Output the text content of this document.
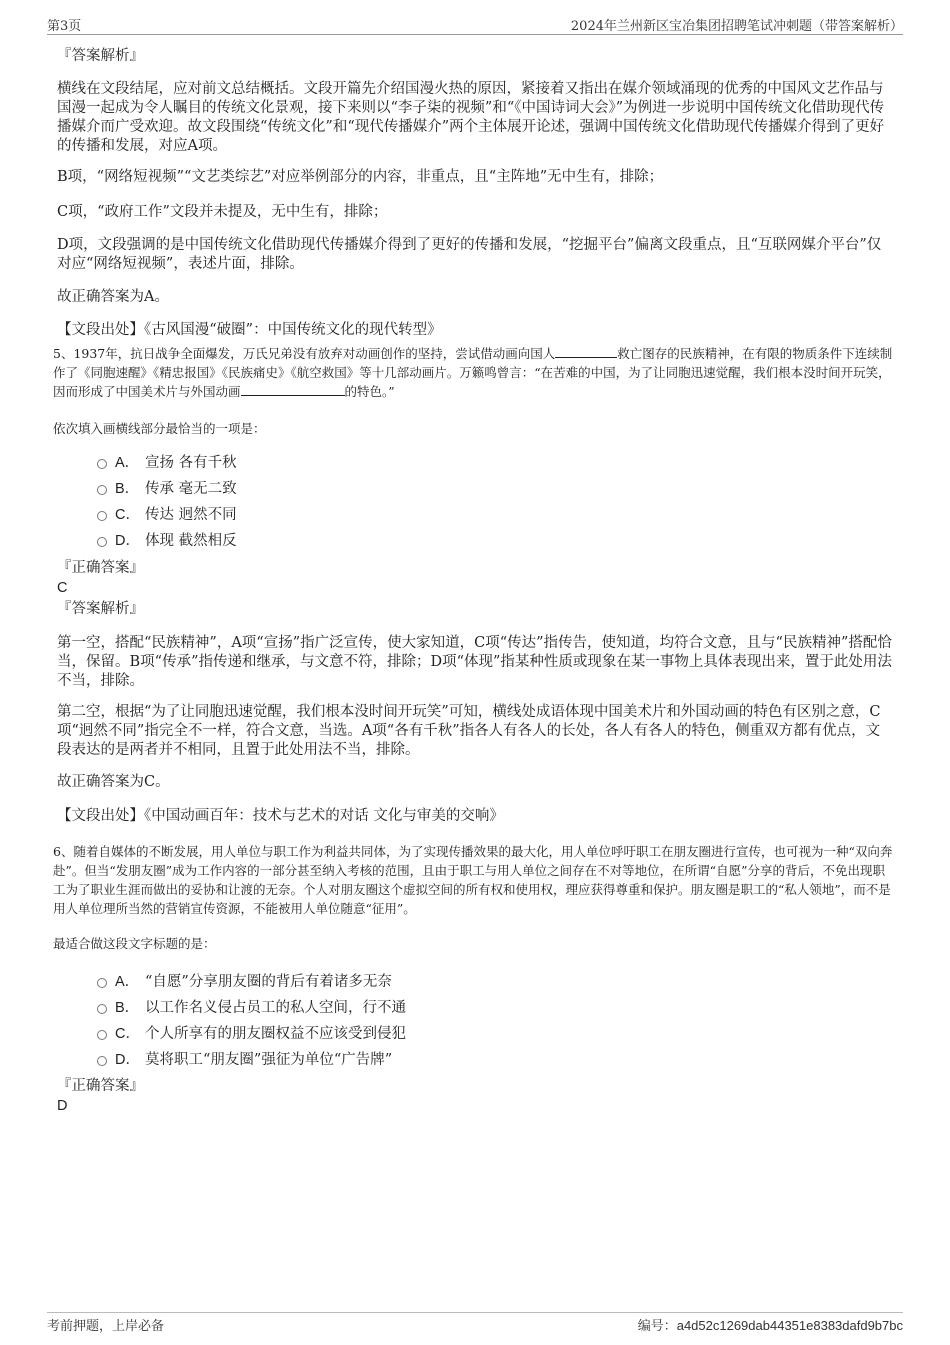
第3页	2024年兰州新区宝冶集团招聘笔试冲刺题（带答案解析）

『答案解析』

横线在文段结尾，应对前文总结概括。文段开篇先介绍国漫火热的原因，紧接着又指出在媒介领域涌现的优秀的中国风文艺作品与国漫一起成为令人瞩目的传统文化景观，接下来则以“李子柒的视频”和“《中国诗词大会》”为例进一步说明中国传统文化借助现代传播媒介而广受欢迎。故文段围绕“传统文化”和“现代传播媒介”两个主体展开论述，强调中国传统文化借助现代传播媒介得到了更好的传播和发展，对应A项。

B项，“网络短视频”“文艺类综艺”对应举例部分的内容，非重点，且“主阵地”无中生有，排除；

C项，“政府工作”文段并未提及，无中生有，排除；

D项，文段强调的是中国传统文化借助现代传播媒介得到了更好的传播和发展，“挖掘平台”偏离文段重点，且“互联网媒介平台”仅对应“网络短视频”，表述片面，排除。

故正确答案为A。

【文段出处】《古风国漫“破圈”：中国传统文化的现代转型》

5、1937年，抗日战争全面爆发，万氏兄弟没有放弃对动画创作的坚持，尝试借动画向国人	救亡图存的民族精神，在有限的物质条件下连续制作了《同胞速醒》《精忠报国》《民族痛史》《航空救国》等十几部动画片。万籁鸣曾言：“在苦难的中国，为了让同胞迅速觉醒，我们根本没时间开玩笑，因而形成了中国美术片与外国动画	的特色。”

依次填入画横线部分最恰当的一项是：

A． 宣扬 各有千秋
B． 传承 毫无二致
C． 传达 迥然不同
D． 体现 截然相反

『正确答案』

C

『答案解析』

第一空，搭配“民族精神”，A项“宣扬”指广泛宣传，使大家知道，C项“传达”指传告，使知道，均符合文意，且与“民族精神”搭配恰当，保留。B项“传承”指传递和继承，与文意不符，排除；D项“体现”指某种性质或现象在某一事物上具体表现出来，置于此处用法不当，排除。

第二空，根据“为了让同胞迅速觉醒，我们根本没时间开玩笑”可知，横线处成语体现中国美术片和外国动画的特色有区别之意，C项“迥然不同”指完全不一样，符合文意，当选。A项“各有千秋”指各人有各人的长处，各人有各人的特色，侧重双方都有优点，文段表达的是两者并不相同，且置于此处用法不当，排除。

故正确答案为C。

【文段出处】《中国动画百年：技术与艺术的对话 文化与审美的交响》

6、随着自媒体的不断发展，用人单位与职工作为利益共同体，为了实现传播效果的最大化，用人单位呼吁职工在朋友圈进行宣传，也可视为一种“双向奔赴”。但当“发朋友圈”成为工作内容的一部分甚至纳入考核的范围，且由于职工与用人单位之间存在不对等地位，在所谓“自愿”分享的背后，不免出现职工为了职业生涯而做出的妥协和让渡的无奈。个人对朋友圈这个虚拟空间的所有权和使用权，理应获得尊重和保护。朋友圈是职工的“私人领地”，而不是用人单位理所当然的营销宣传资源，不能被用人单位随意“征用”。

最适合做这段文字标题的是：

A． “自愿”分享朋友圈的背后有着诸多无奈
B． 以工作名义侵占员工的私人空间，行不通
C． 个人所享有的朋友圈权益不应该受到侵犯
D． 莫将职工“朋友圈”强征为单位“广告牌”

『正确答案』

D

考前押题，上岸必备	编号：a4d52c1269dab44351e8383dafd9b7bc
